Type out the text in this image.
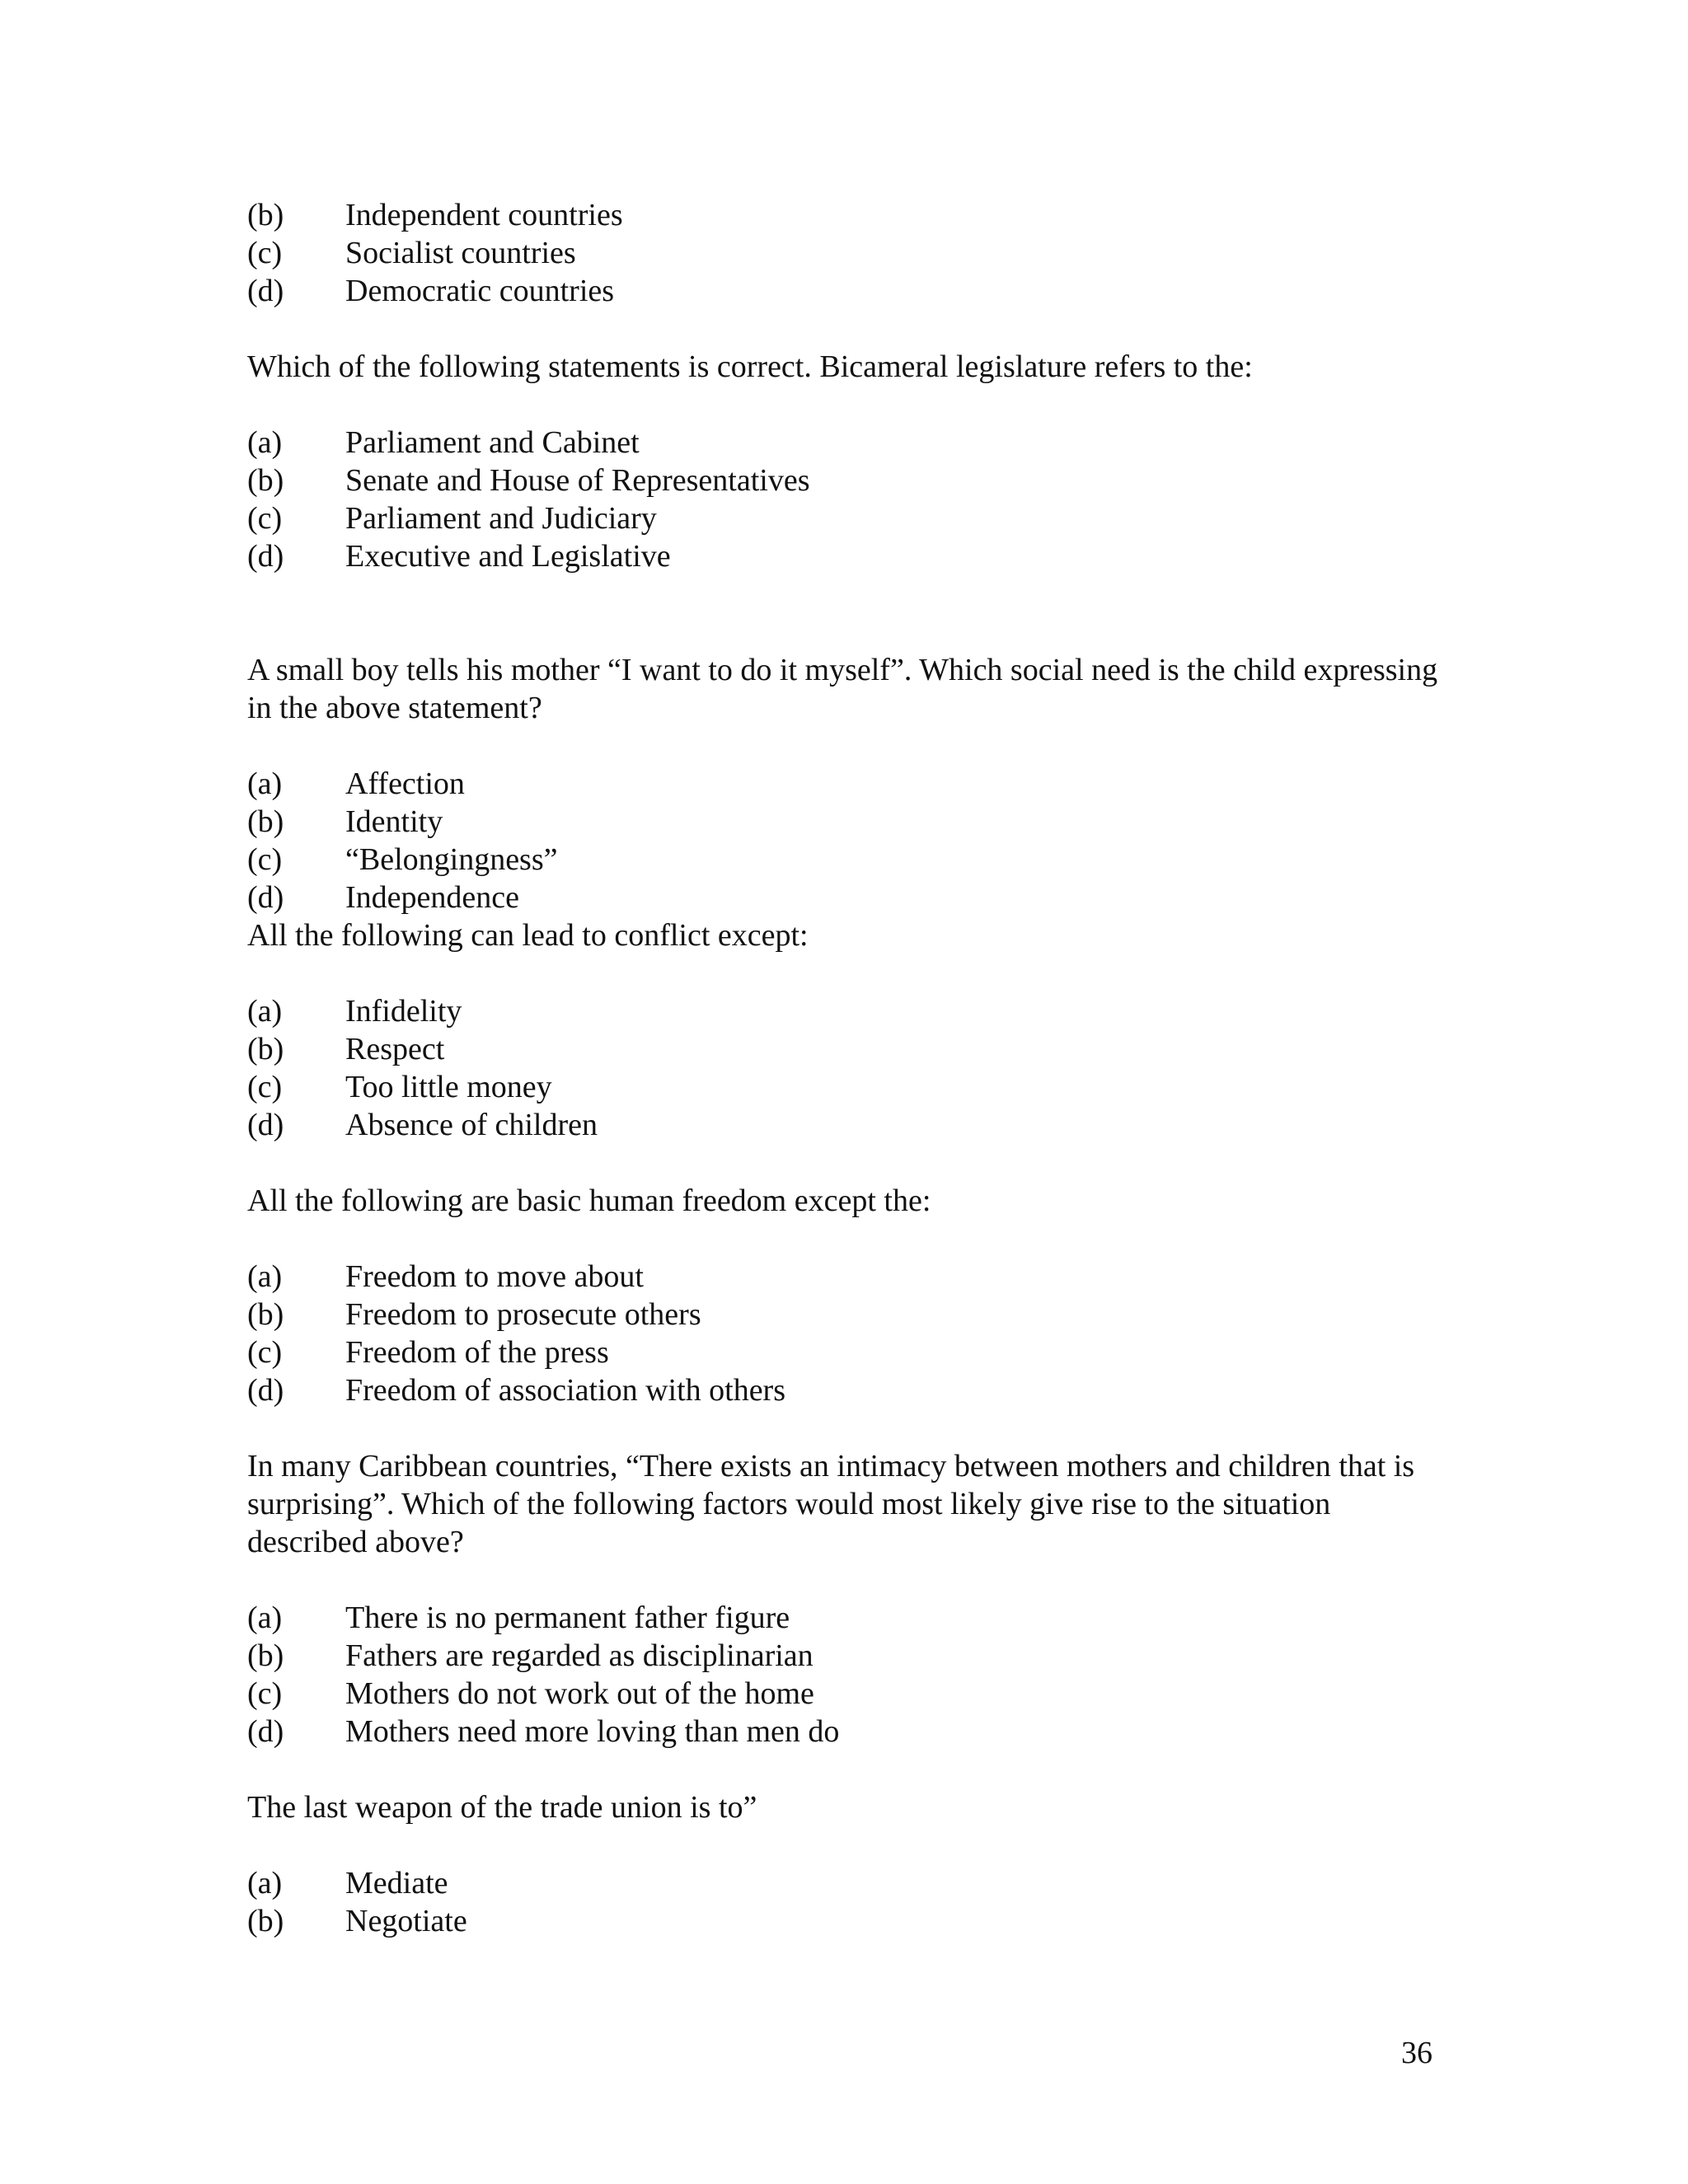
(b)	Independent countries
(c)	Socialist countries
(d)	Democratic countries

Which of the following statements is correct. Bicameral legislature refers to the:

(a)	Parliament and Cabinet
(b)	Senate and House of Representatives
(c)	Parliament and Judiciary
(d)	Executive and Legislative

A small boy tells his mother “I want to do it myself”. Which social need is the child expressing in the above statement?

(a)	Affection
(b)	Identity
(c)	“Belongingness”
(d)	Independence

All the following can lead to conflict except:

(a)	Infidelity
(b)	Respect
(c)	Too little money
(d)	Absence of children

All the following are basic human freedom except the:

(a)	Freedom to move about
(b)	Freedom to prosecute others
(c)	Freedom of the press
(d)	Freedom of association with others

In many Caribbean countries, “There exists an intimacy between mothers and children that is surprising”. Which of the following factors would most likely give rise to the situation described above?

(a)	There is no permanent father figure
(b)	Fathers are regarded as disciplinarian
(c)	Mothers do not work out of the home
(d)	Mothers need more loving than men do

The last weapon of the trade union is to”

(a)	Mediate
(b)	Negotiate
36
